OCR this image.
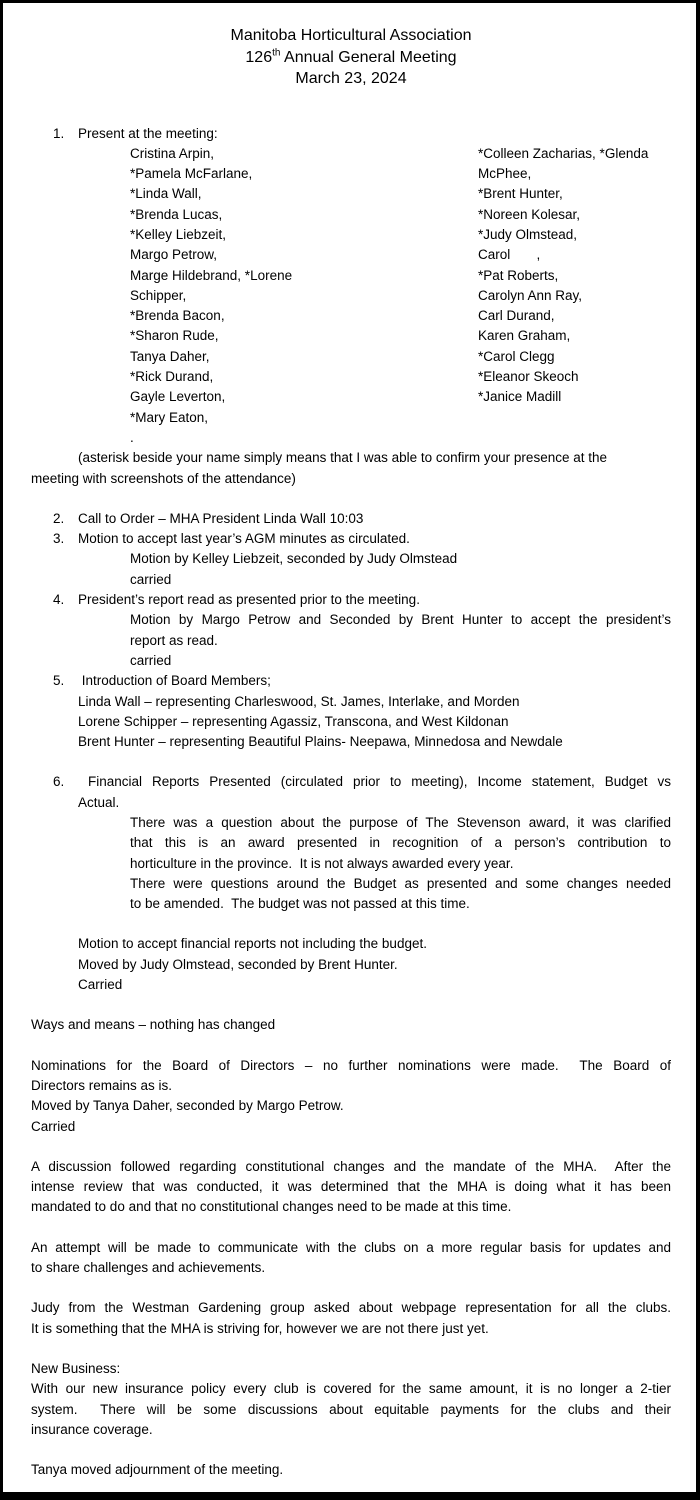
Manitoba Horticultural Association
126th Annual General Meeting
March 23, 2024
1.	Present at the meeting:
Cristina Arpin,
*Pamela McFarlane,
*Linda Wall,
*Brenda Lucas,
*Kelley Liebzeit,
Margo Petrow,
Marge Hildebrand, *Lorene
Schipper,
*Brenda Bacon,
*Sharon Rude,
Tanya Daher,
*Rick Durand,
Gayle Leverton,
*Mary Eaton,
.
*Colleen Zacharias, *Glenda
McPhee,
*Brent Hunter,
*Noreen Kolesar,
*Judy Olmstead,
Carol       ,
*Pat Roberts,
Carolyn Ann Ray,
Carl Durand,
Karen Graham,
*Carol Clegg
*Eleanor Skeoch
*Janice Madill
(asterisk beside your name simply means that I was able to confirm your presence at the
meeting with screenshots of the attendance)
2.	Call to Order – MHA President Linda Wall 10:03
3.	Motion to accept last year’s AGM minutes as circulated.
Motion by Kelley Liebzeit, seconded by Judy Olmstead
carried
4.	President’s report read as presented prior to the meeting.
Motion by Margo Petrow and Seconded by Brent Hunter to accept the president’s
report as read.
carried
5.	Introduction of Board Members;
Linda Wall – representing Charleswood, St. James, Interlake, and Morden
Lorene Schipper – representing Agassiz, Transcona, and West Kildonan
Brent Hunter – representing Beautiful Plains- Neepawa, Minnedosa and Newdale
6.	Financial Reports Presented (circulated prior to meeting), Income statement, Budget vs
Actual.
There was a question about the purpose of The Stevenson award, it was clarified
that this is an award presented in recognition of a person’s contribution to
horticulture in the province.  It is not always awarded every year.
There were questions around the Budget as presented and some changes needed
to be amended.  The budget was not passed at this time.
Motion to accept financial reports not including the budget.
Moved by Judy Olmstead, seconded by Brent Hunter.
Carried
Ways and means – nothing has changed
Nominations for the Board of Directors – no further nominations were made.  The Board of
Directors remains as is.
Moved by Tanya Daher, seconded by Margo Petrow.
Carried
A discussion followed regarding constitutional changes and the mandate of the MHA.  After the
intense review that was conducted, it was determined that the MHA is doing what it has been
mandated to do and that no constitutional changes need to be made at this time.
An attempt will be made to communicate with the clubs on a more regular basis for updates and
to share challenges and achievements.
Judy from the Westman Gardening group asked about webpage representation for all the clubs.
It is something that the MHA is striving for, however we are not there just yet.
New Business:
With our new insurance policy every club is covered for the same amount, it is no longer a 2-tier
system.  There will be some discussions about equitable payments for the clubs and their
insurance coverage.
Tanya moved adjournment of the meeting.
